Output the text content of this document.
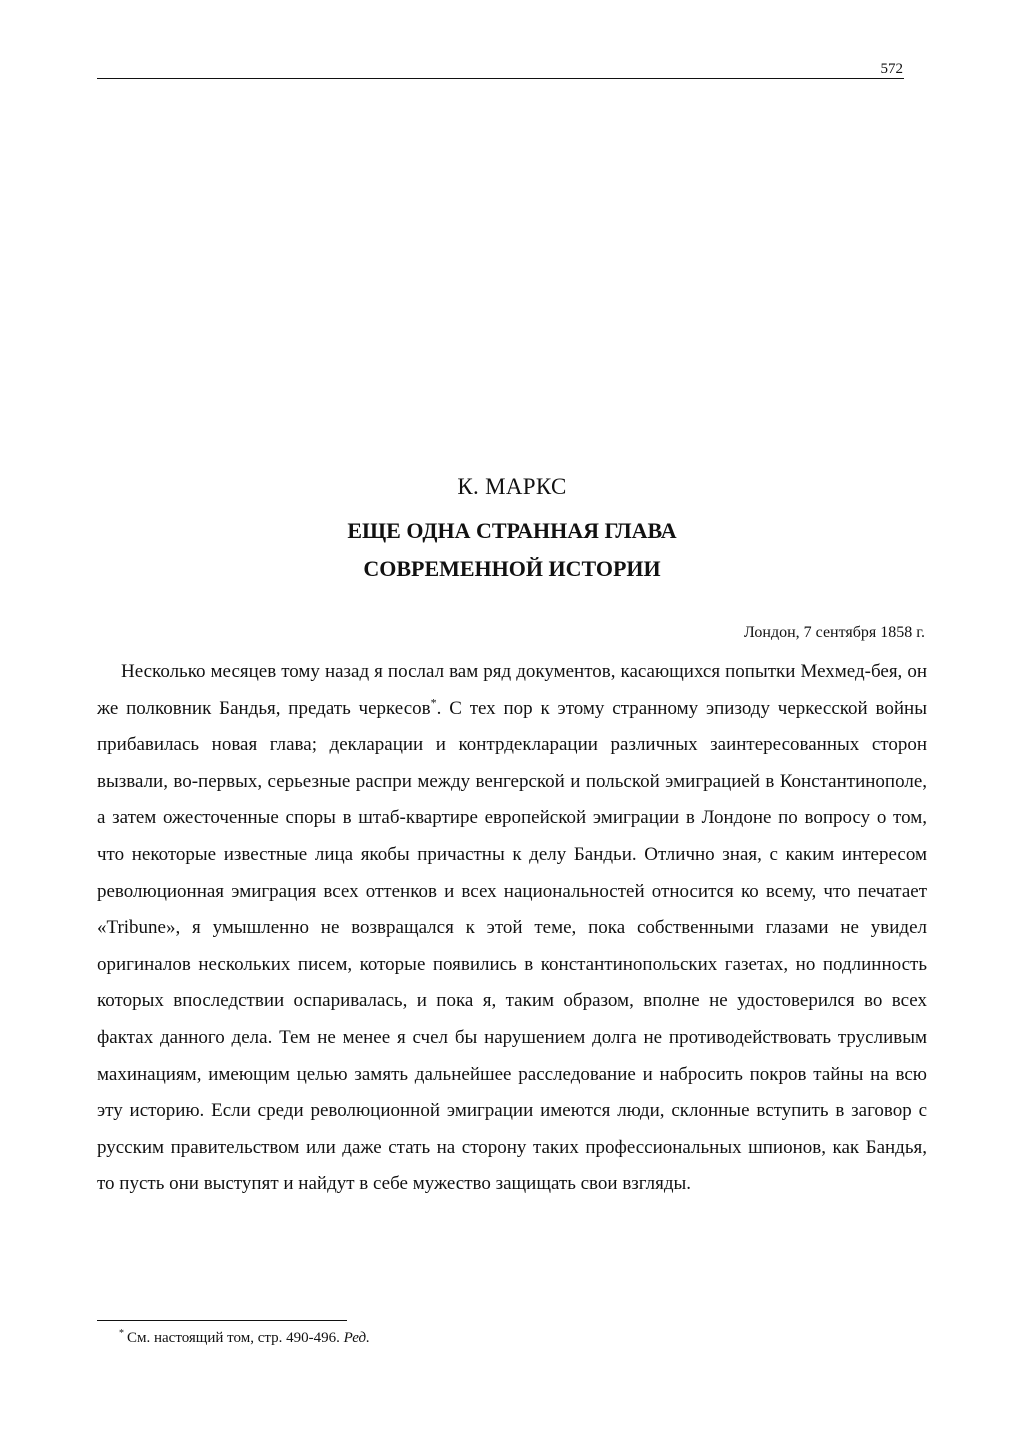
572
К. МАРКС
ЕЩЕ ОДНА СТРАННАЯ ГЛАВА
СОВРЕМЕННОЙ ИСТОРИИ
Лондон, 7 сентября 1858 г.

Несколько месяцев тому назад я послал вам ряд документов, касающихся попытки Мехмед-бея, он же полковник Бандья, предать черкесов*. С тех пор к этому странному эпизоду черкесской войны прибавилась новая глава; декларации и контрдекларации различных заинтересованных сторон вызвали, во-первых, серьезные распри между венгерской и польской эмиграцией в Константинополе, а затем ожесточенные споры в штаб-квартире европейской эмиграции в Лондоне по вопросу о том, что некоторые известные лица якобы причастны к делу Бандьи. Отлично зная, с каким интересом революционная эмиграция всех оттенков и всех национальностей относится ко всему, что печатает «Tribune», я умышленно не возвращался к этой теме, пока собственными глазами не увидел оригиналов нескольких писем, которые появились в константинопольских газетах, но подлинность которых впоследствии оспаривалась, и пока я, таким образом, вполне не удостоверился во всех фактах данного дела. Тем не менее я счел бы нарушением долга не противодействовать трусливым махинациям, имеющим целью замять дальнейшее расследование и набросить покров тайны на всю эту историю. Если среди революционной эмиграции имеются люди, склонные вступить в заговор с русским правительством или даже стать на сторону таких профессиональных шпионов, как Бандья, то пусть они выступят и найдут в себе мужество защищать свои взгляды.

* См. настоящий том, стр. 490-496. Ред.
